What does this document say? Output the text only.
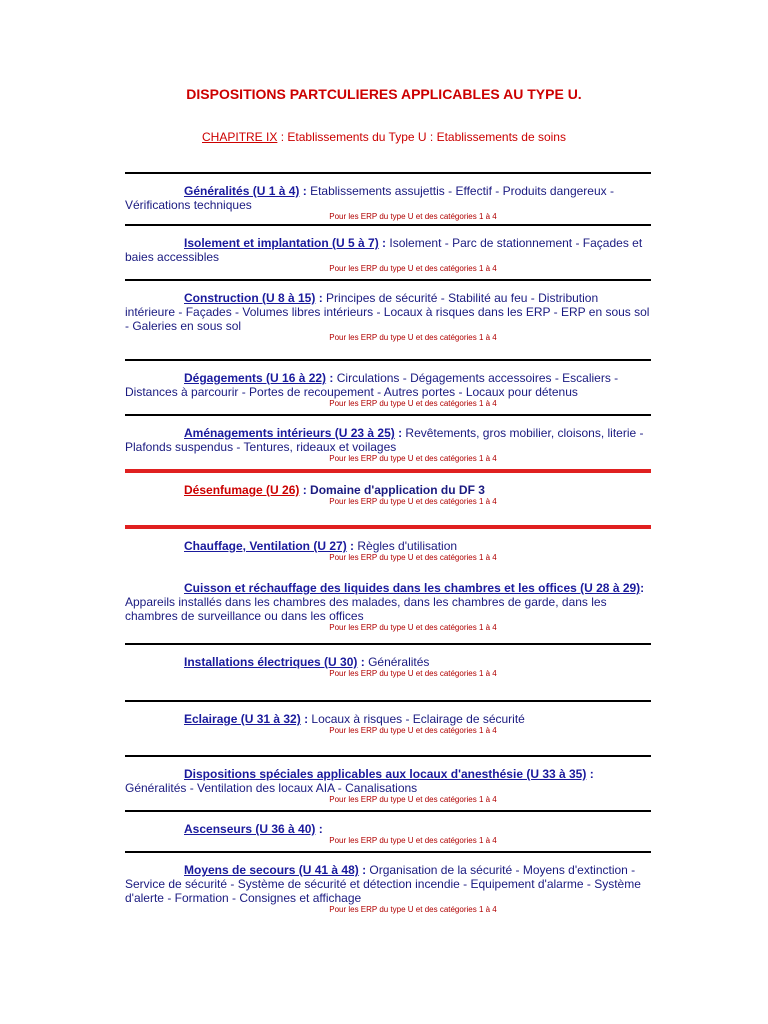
DISPOSITIONS PARTCULIERES APPLICABLES AU TYPE U.

CHAPITRE IX : Etablissements du Type U : Etablissements de soins

Généralités (U 1 à 4) : Etablissements assujettis - Effectif - Produits dangereux - Vérifications techniques

Pour les ERP du type U et des catégories 1 à 4

Isolement et implantation (U 5 à 7) : Isolement - Parc de stationnement - Façades et baies accessibles

Pour les ERP du type U et des catégories 1 à 4

Construction (U 8 à 15) : Principes de sécurité - Stabilité au feu - Distribution intérieure - Façades - Volumes libres intérieurs - Locaux à risques dans les ERP - ERP en sous sol - Galeries en sous sol

Pour les ERP du type U et des catégories 1 à 4

Dégagements (U 16 à 22) : Circulations - Dégagements accessoires - Escaliers - Distances à parcourir - Portes de recoupement - Autres portes - Locaux pour détenus

Pour les ERP du type U et des catégories 1 à 4

Aménagements intérieurs (U 23 à 25) : Revêtements, gros mobilier, cloisons, literie - Plafonds suspendus - Tentures, rideaux et voilages

Pour les ERP du type U et des catégories 1 à 4

Désenfumage (U 26) : Domaine d'application du DF 3

Pour les ERP du type U et des catégories 1 à 4

Chauffage, Ventilation (U 27) : Règles d'utilisation

Pour les ERP du type U et des catégories 1 à 4

Cuisson et réchauffage des liquides dans les chambres et les offices (U 28 à 29): Appareils installés dans les chambres des malades, dans les chambres de garde, dans les chambres de surveillance ou dans les offices

Pour les ERP du type U et des catégories 1 à 4

Installations électriques (U 30) : Généralités

Pour les ERP du type U et des catégories 1 à 4

Eclairage (U 31 à 32) : Locaux à risques - Eclairage de sécurité

Pour les ERP du type U et des catégories 1 à 4

Dispositions spéciales applicables aux locaux d'anesthésie (U 33 à 35) : Généralités - Ventilation des locaux AIA - Canalisations

Pour les ERP du type U et des catégories 1 à 4

Ascenseurs (U 36 à 40) :

Pour les ERP du type U et des catégories 1 à 4

Moyens de secours (U 41 à 48) : Organisation de la sécurité - Moyens d'extinction - Service de sécurité - Système de sécurité et détection incendie - Equipement d'alarme - Système d'alerte - Formation - Consignes et affichage

Pour les ERP du type U et des catégories 1 à 4
